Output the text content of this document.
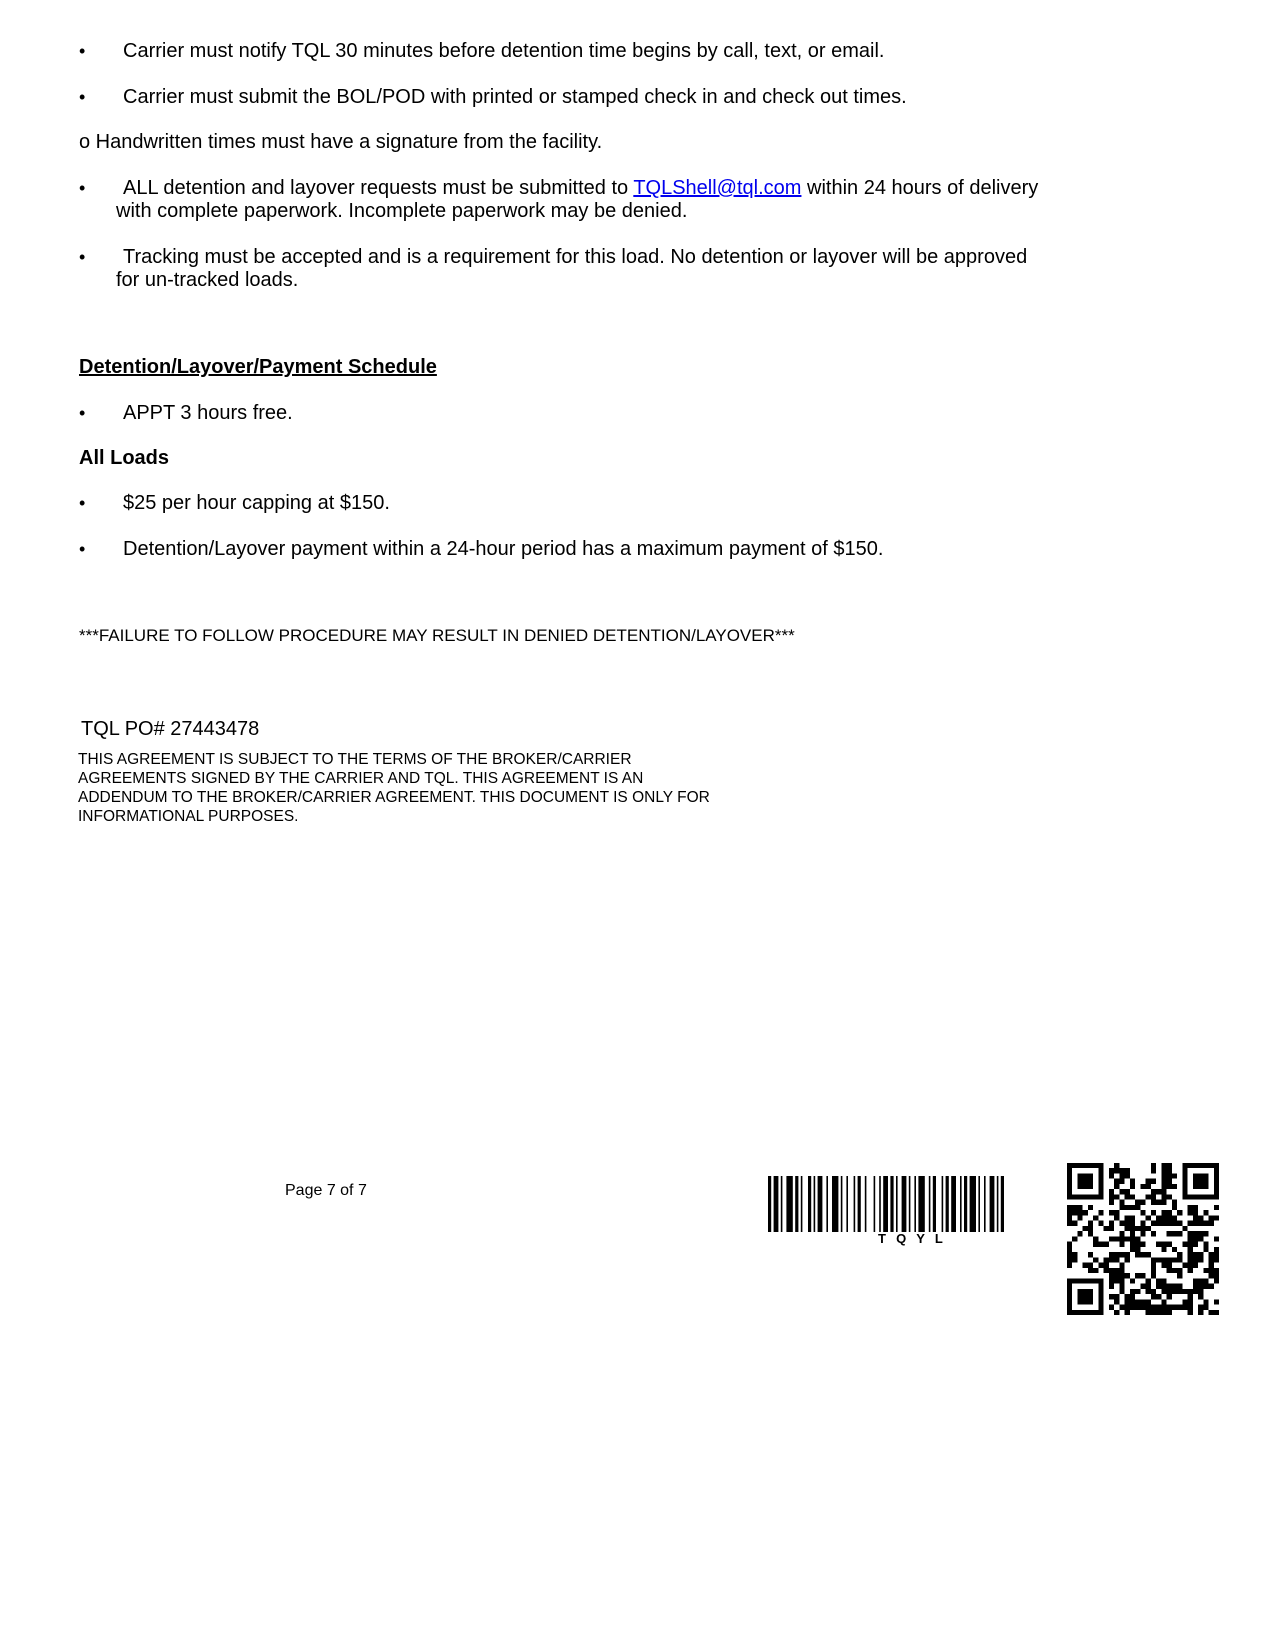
• Carrier must notify TQL 30 minutes before detention time begins by call, text, or email.
• Carrier must submit the BOL/POD with printed or stamped check in and check out times.
o Handwritten times must have a signature from the facility.
• ALL detention and layover requests must be submitted to TQLShell@tql.com within 24 hours of delivery
with complete paperwork. Incomplete paperwork may be denied.
• Tracking must be accepted and is a requirement for this load. No detention or layover will be approved
for un-tracked loads.
Detention/Layover/Payment Schedule
• APPT 3 hours free.
All Loads
• $25 per hour capping at $150.
• Detention/Layover payment within a 24-hour period has a maximum payment of $150.
***FAILURE TO FOLLOW PROCEDURE MAY RESULT IN DENIED DETENTION/LAYOVER***
TQL PO# 27443478
THIS AGREEMENT IS SUBJECT TO THE TERMS OF THE BROKER/CARRIER
AGREEMENTS SIGNED BY THE CARRIER AND TQL. THIS AGREEMENT IS AN
ADDENDUM TO THE BROKER/CARRIER AGREEMENT. THIS DOCUMENT IS ONLY FOR
INFORMATIONAL PURPOSES.
Page 7 of 7
T  Q  Y  L
